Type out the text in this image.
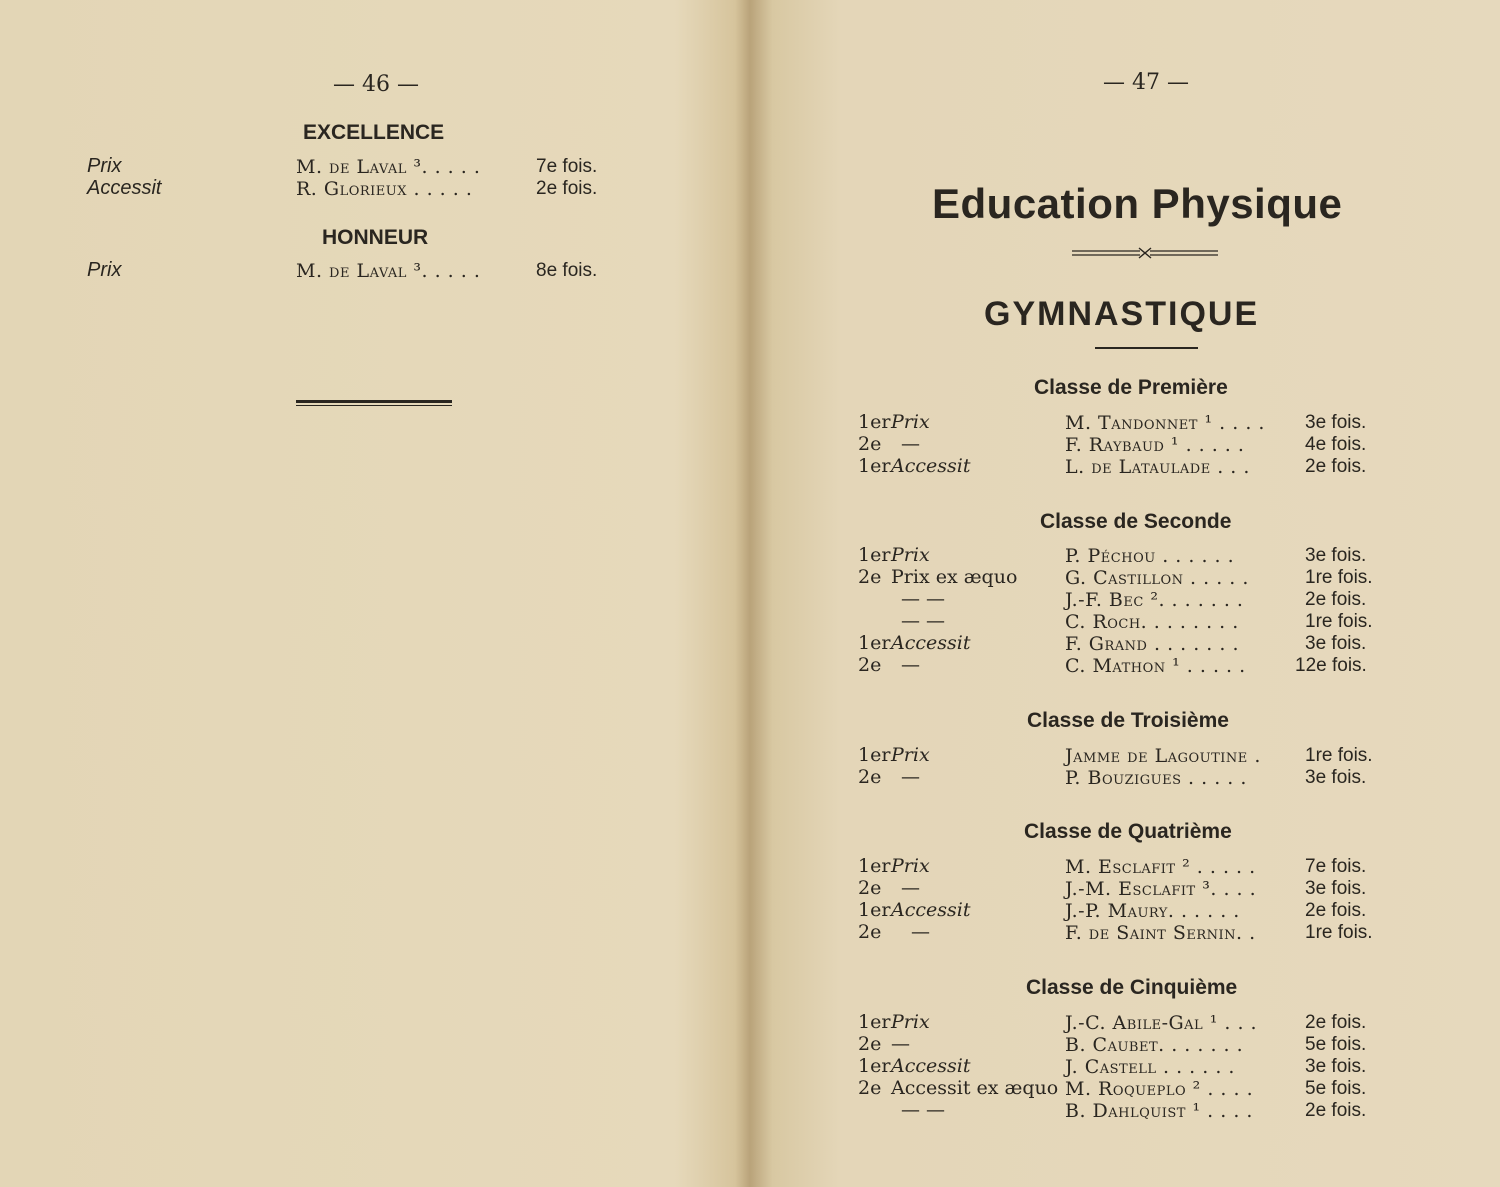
— 46 —
EXCELLENCE
Prix	M. de Laval ³. . . . .	7e fois.
Accessit	R. Glorieux . . . . .	2e fois.
HONNEUR
Prix	M. de Laval ³. . . . .	8e fois.
— 47 —
Education Physique
GYMNASTIQUE
Classe de Première
1er Prix	M. Tandonnet ¹ . . . . 3e fois.
2e —	F. Raybaud ¹ . . . . .	4e fois.
1er Accessit	L. de Lataulade . . .	2e fois.
Classe de Seconde
1er Prix	P. Péchou . . . . . .	3e fois.
2e Prix ex æquo	G. Castillon . . . . .	1re fois.
— —	J.-F. Bec ². . . . . . .	2e fois.
— —	C. Roch. . . . . . . .	1re fois.
1er Accessit	F. Grand . . . . . . .	3e fois.
2e —	C. Mathon ¹ . . . . .	12e fois.
Classe de Troisième
1er Prix	Jamme de Lagoutine . 1re fois.
2e —	P. Bouzigues . . . . .	3e fois.
Classe de Quatrième
1er Prix	M. Esclafit ² . . . . .	7e fois.
2e —	J.-M. Esclafit ³. . . .	3e fois.
1er Accessit	J.-P. Maury. . . . . .	2e fois.
2e —	F. de Saint Sernin. .	1re fois.
Classe de Cinquième
1er Prix	J.-C. Abile-Gal ¹ . . .	2e fois.
2e —	B. Caubet. . . . . . .	5e fois.
1er Accessit	J. Castell . . . . . .	3e fois.
2e Accessit ex æquo M. Roqueplo ² . . . .	5e fois.
— —	B. Dahlquist ¹ . . . .	2e fois.
